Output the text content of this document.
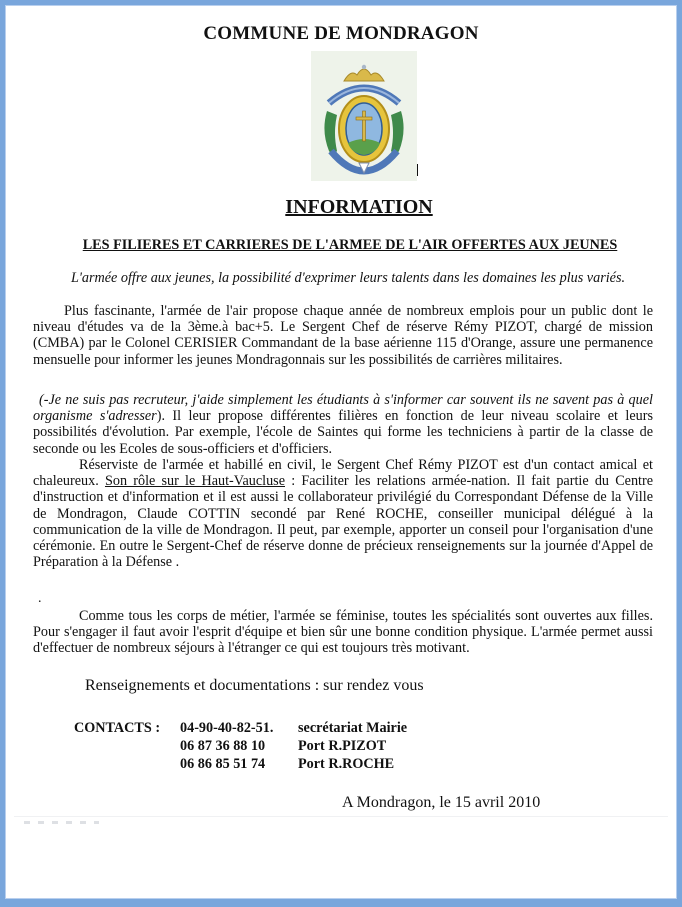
COMMUNE DE MONDRAGON
INFORMATION
LES FILIERES ET CARRIERES DE L'ARMEE DE L'AIR OFFERTES AUX JEUNES
L'armée offre aux jeunes, la possibilité d'exprimer leurs talents dans les domaines les plus variés.
Plus fascinante, l'armée de l'air propose chaque année de nombreux emplois pour un public dont le niveau d'études va de la 3ème.à bac+5. Le Sergent Chef de réserve Rémy PIZOT, chargé de mission (CMBA) par le Colonel CERISIER Commandant de la base aérienne 115 d'Orange, assure une permanence mensuelle pour informer les jeunes Mondragonnais sur les possibilités de carrières militaires.
(-Je ne suis pas recruteur, j'aide simplement les étudiants à s'informer car souvent ils ne savent pas à quel organisme s'adresser). Il leur propose différentes filières en fonction de leur niveau scolaire et leurs possibilités d'évolution. Par exemple, l'école de Saintes qui forme les techniciens à partir de la classe de seconde ou les Ecoles de sous-officiers et d'officiers.
Réserviste de l'armée et habillé en civil, le Sergent Chef Rémy PIZOT est d'un contact amical et chaleureux. Son rôle sur le Haut-Vaucluse : Faciliter les relations armée-nation. Il fait partie du Centre d'instruction et d'information et il est aussi le collaborateur privilégié du Correspondant Défense de la Ville de Mondragon, Claude COTTIN secondé par René ROCHE, conseiller municipal délégué à la communication de la ville de Mondragon. Il peut, par exemple, apporter un conseil pour l'organisation d'une cérémonie. En outre le Sergent-Chef de réserve donne de précieux renseignements sur la journée d'Appel de Préparation à la Défense .
.
Comme tous les corps de métier, l'armée se féminise, toutes les spécialités sont ouvertes aux filles. Pour s'engager il faut avoir l'esprit d'équipe et bien sûr une bonne condition physique. L'armée permet aussi d'effectuer de nombreux séjours à l'étranger ce qui est toujours très motivant.
Renseignements et documentations : sur rendez vous
CONTACTS : 04-90-40-82-51. secrétariat Mairie
06 87 36 88 10 Port R.PIZOT
06 86 85 51 74 Port R.ROCHE
A Mondragon, le 15 avril 2010
